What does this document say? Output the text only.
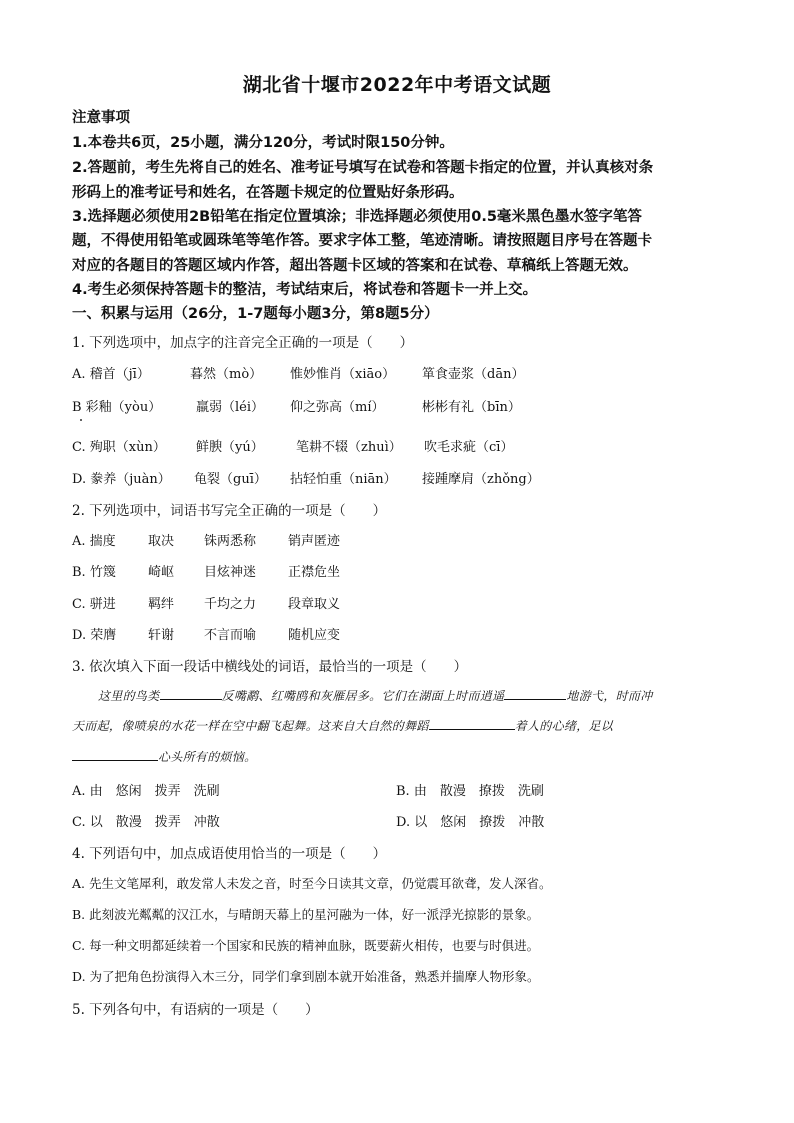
湖北省十堰市2022年中考语文试题
注意事项
1.本卷共6页，25小题，满分120分，考试时限150分钟。
2.答题前，考生先将自己的姓名、准考证号填写在试卷和答题卡指定的位置，并认真核对条
形码上的准考证号和姓名，在答题卡规定的位置贴好条形码。
3.选择题必须使用2B铅笔在指定位置填涂；非选择题必须使用0.5毫米黑色墨水签字笔答
题，不得使用铅笔或圆珠笔等笔作答。要求字体工整，笔迹清晰。请按照题目序号在答题卡
对应的各题目的答题区域内作答，超出答题卡区域的答案和在试卷、草稿纸上答题无效。
4.考生必须保持答题卡的整洁，考试结束后，将试卷和答题卡一并上交。
一、积累与运用（26分，1-7题每小题3分，第8题5分）
1. 下列选项中，加点字的注音完全正确的一项是（　　）
A. 稽首（jī）	暮然（mò） 惟妙惟肖（xiāo） 箪食壶浆（dān）
B 彩釉（yòu）	羸弱（léi） 仰之弥高（mí）	彬彬有礼（bīn）
C. 殉职（xùn） 鲜腴（yú） 笔耕不辍（zhuì） 吹毛求疵（cī）
D. 豢养（juàn） 龟裂（guī） 拈轻怕重（niān） 接踵摩肩（zhǒng）
2. 下列选项中，词语书写完全正确的一项是（　　）
A. 揣度 取决 铢两悉称 销声匿迹
B. 竹篾 崎岖 目炫神迷 正襟危坐
C. 骈进 羁绊 千均之力 段章取义
D. 荣膺 轩谢 不言而喻 随机应变
3. 依次填入下面一段话中横线处的词语，最恰当的一项是（　　）
这里的鸟类	反嘴鹬、红嘴鸥和灰雁居多。它们在湖面上时而逍遥	地游弋，时而冲
天而起，像喷泉的水花一样在空中翻飞起舞。这来自大自然的舞蹈	着人的心绪，足以
心头所有的烦恼。
A. 由　悠闲　拨弄　洗刷	B. 由　散漫　撩拨　洗刷
C. 以　散漫　拨弄　冲散	D. 以　悠闲　撩拨　冲散
4. 下列语句中，加点成语使用恰当的一项是（　　）
A. 先生文笔犀利，敢发常人未发之音，时至今日读其文章，仍觉震耳欲聋，发人深省。
B. 此刻波光粼粼的汉江水，与晴朗天幕上的星河融为一体，好一派浮光掠影的景象。
C. 每一种文明都延续着一个国家和民族的精神血脉，既要薪火相传，也要与时俱进。
D. 为了把角色扮演得入木三分，同学们拿到剧本就开始准备，熟悉并揣摩人物形象。
5. 下列各句中，有语病的一项是（　　）
